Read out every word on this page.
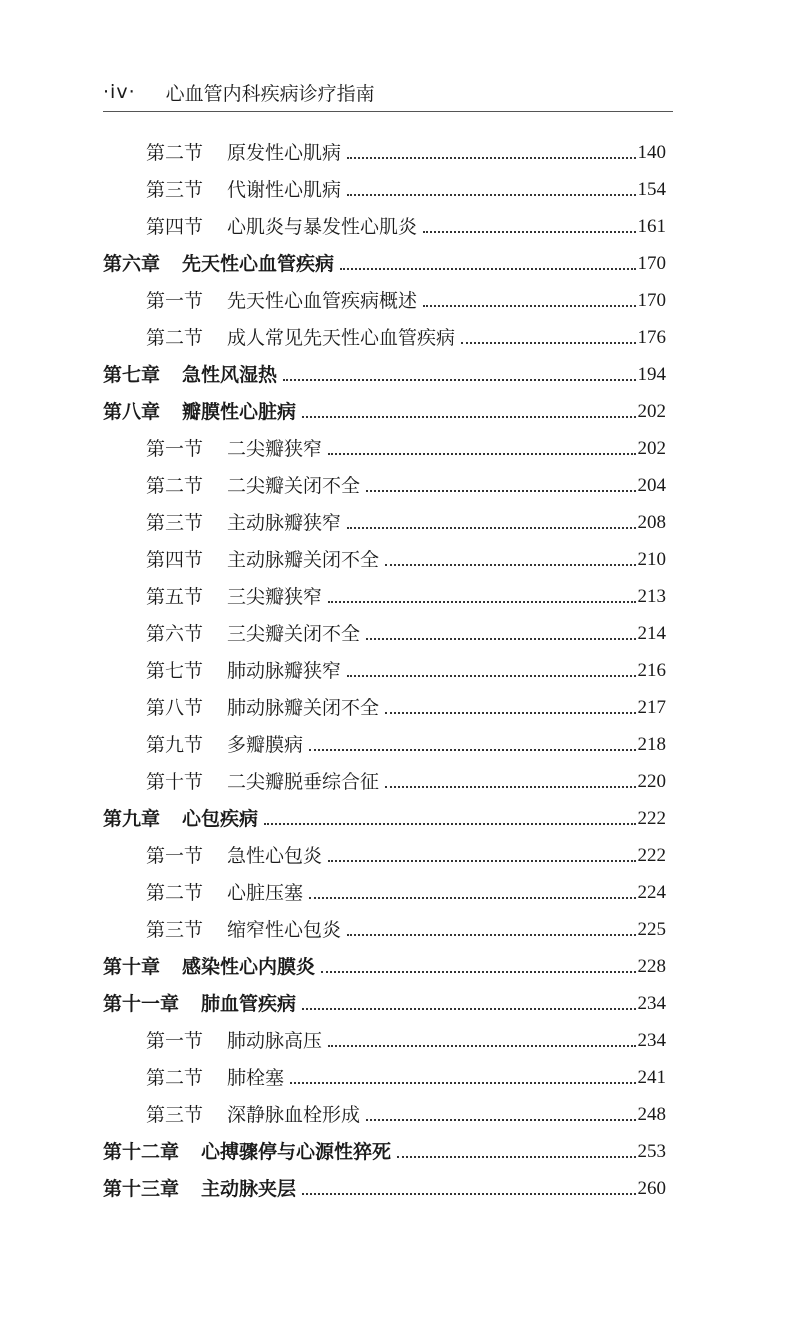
·iv· 心血管内科疾病诊疗指南
第二节 原发性心肌病	140
第三节 代谢性心肌病	154
第四节 心肌炎与暴发性心肌炎	161
第六章 先天性心血管疾病	170
第一节 先天性心血管疾病概述	170
第二节 成人常见先天性心血管疾病	176
第七章 急性风湿热	194
第八章 瓣膜性心脏病	202
第一节 二尖瓣狭窄	202
第二节 二尖瓣关闭不全	204
第三节 主动脉瓣狭窄	208
第四节 主动脉瓣关闭不全	210
第五节 三尖瓣狭窄	213
第六节 三尖瓣关闭不全	214
第七节 肺动脉瓣狭窄	216
第八节 肺动脉瓣关闭不全	217
第九节 多瓣膜病	218
第十节 二尖瓣脱垂综合征	220
第九章 心包疾病	222
第一节 急性心包炎	222
第二节 心脏压塞	224
第三节 缩窄性心包炎	225
第十章 感染性心内膜炎	228
第十一章 肺血管疾病	234
第一节 肺动脉高压	234
第二节 肺栓塞	241
第三节 深静脉血栓形成	248
第十二章 心搏骤停与心源性猝死	253
第十三章 主动脉夹层	260
